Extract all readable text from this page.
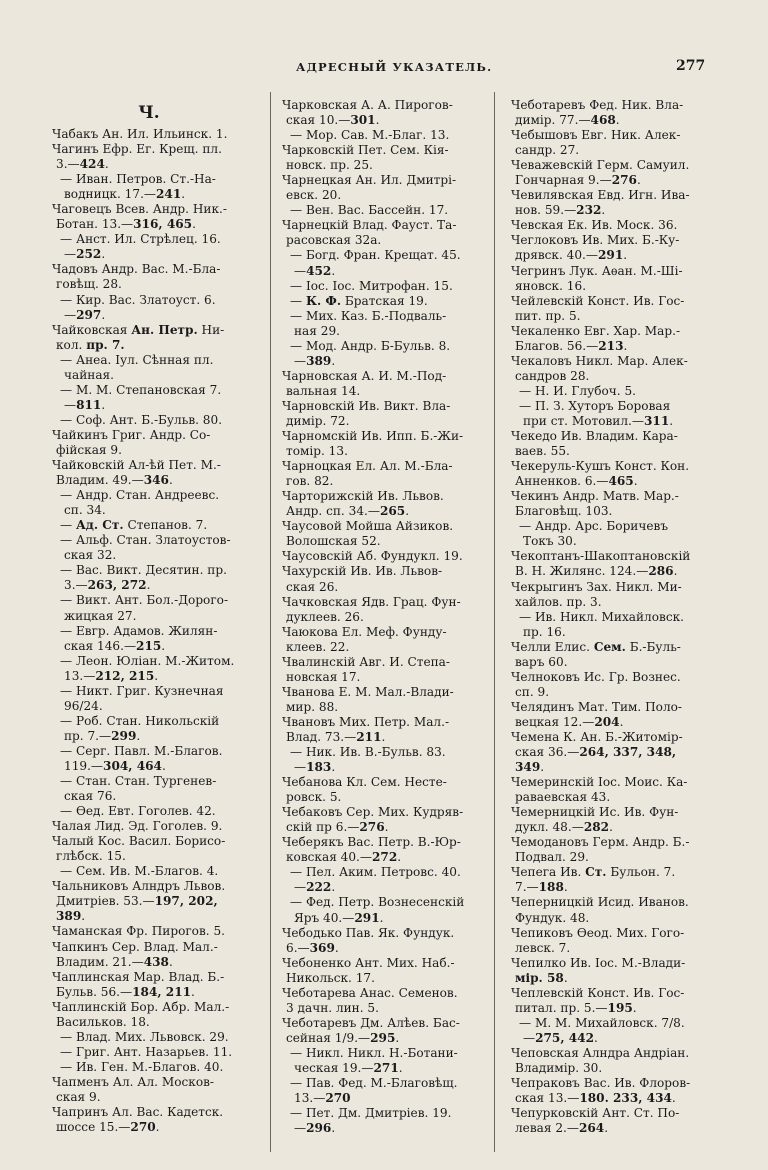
АДРЕСНЫЙ УКАЗАТЕЛЬ.	277
Ч.
Чабакъ Ан. Ил. Ильинск. 1.
Чагинъ Ефр. Ег. Крещ. пл.
3.—424.
— Иван. Петров. Ст.-На-
водницк. 17.—241.
Чаговецъ Всев. Андр. Ник.-
Ботан. 13.—316, 465.
— Анст. Ил. Стрѣлец. 16.
—252.
Чадовъ Андр. Вас. М.-Бла-
говѣщ. 28.
— Кир. Вас. Златоуст. 6.
—297.
Чайковская Ан. Петр. Ни-
кол. пр. 7.
— Анеа. Iул. Сѣнная пл.
чайная.
— М. М. Степановская 7.
—811.
— Соф. Ант. Б.-Бульв. 80.
Чайкинъ Григ. Андр. Со-
фійская 9.
Чайковскій Ал-ѣй Пет. М.-
Владим. 49.—346.
— Андр. Стан. Андреевс.
сп. 34.
— Ад. Ст. Степанов. 7.
— Альф. Стан. Златоустов-
ская 32.
— Вас. Викт. Десятин. пр.
3.—263, 272.
— Викт. Ант. Бол.-Дорого-
жицкая 27.
— Евгр. Адамов. Жилян-
ская 146.—215.
— Леон. Юліан. М.-Житом.
13.—212, 215.
— Никт. Григ. Кузнечная
96/24.
— Роб. Стан. Никольскій
пр. 7.—299.
— Серг. Павл. М.-Благов.
119.—304, 464.
— Стан. Стан. Тургенев-
ская 76.
— Ѳед. Евт. Гоголев. 42.
Чалая Лид. Эд. Гоголев. 9.
Чалый Кос. Васил. Борисо-
глѣбск. 15.
— Сем. Ив. М.-Благов. 4.
Чальниковъ Алндръ Львов.
Дмитріев. 53.—197, 202,
389.
Чаманская Фр. Пирогов. 5.
Чапкинъ Сер. Влад. Мал.-
Владим. 21.—438.
Чаплинская Мар. Влад. Б.-
Бульв. 56.—184, 211.
Чаплинскій Бор. Абр. Мал.-
Васильков. 18.
— Влад. Мих. Львовск. 29.
— Григ. Ант. Назарьев. 11.
— Ив. Ген. М.-Благов. 40.
Чапменъ Ал. Ал. Москов-
ская 9.
Чапринъ Ал. Вас. Кадетск.
шоссе 15.—270.
Чарковская А. А. Пирогов-
ская 10.—301.
— Мор. Сав. М.-Благ. 13.
Чарковскій Пет. Сем. Кiя-
новск. пр. 25.
Чарнецкая Ан. Ил. Дмитрі-
евск. 20.
— Вен. Вас. Бассейн. 17.
Чарнецкій Влад. Фауст. Та-
расовская 32а.
— Богд. Фран. Крещат. 45.
—452.
— Iос. Iос. Митрофан. 15.
— К. Ф. Братская 19.
— Мих. Каз. Б.-Подваль-
ная 29.
— Мод. Андр. Б-Бульв. 8.
—389.
Чарновская А. И. М.-Под-
вальная 14.
Чарновскій Ив. Викт. Вла-
димір. 72.
Чарномскій Ив. Ипп. Б.-Жи-
томір. 13.
Чарноцкая Ел. Ал. М.-Бла-
гов. 82.
Чарторижскій Ив. Львов.
Андр. сп. 34.—265.
Чаусовой Мойша Айзиков.
Волошская 52.
Чаусовскій Аб. Фундукл. 19.
Чахурскій Ив. Ив. Львов-
ская 26.
Чачковская Ядв. Грац. Фун-
дуклеев. 26.
Чаюкова Ел. Меф. Фунду-
клеев. 22.
Чвалинскій Авг. И. Степа-
новская 17.
Чванова Е. М. Мал.-Влади-
мир. 88.
Чвановъ Мих. Петр. Мал.-
Влад. 73.—211.
— Ник. Ив. В.-Бульв. 83.
—183.
Чебанова Кл. Сем. Несте-
ровск. 5.
Чебаковъ Сер. Мих. Кудряв-
скій пр 6.—276.
Чеберякъ Вас. Петр. В.-Юр-
ковская 40.—272.
— Пел. Аким. Петровс. 40.
—222.
— Фед. Петр. Вознесенскій
Яръ 40.—291.
Чебодько Пав. Як. Фундук.
6.—369.
Чебоненко Ант. Мих. Наб.-
Никольск. 17.
Чеботарева Анас. Семенов.
3 дачн. лин. 5.
Чеботаревъ Дм. Алѣев. Бас-
сейная 1/9.—295.
— Никл. Никл. Н.-Ботани-
ческая 19.—271.
— Пав. Фед. М.-Благовѣщ.
13.—270
— Пет. Дм. Дмитріев. 19.
—296.
Чеботаревъ Фед. Ник. Вла-
димір. 77.—468.
Чебышовъ Евг. Ник. Алек-
сандр. 27.
Чеважевскій Герм. Самуил.
Гончарная 9.—276.
Чевилявская Евд. Игн. Ива-
нов. 59.—232.
Чевская Ек. Ив. Моск. 36.
Чеглоковъ Ив. Мих. Б.-Ку-
дрявск. 40.—291.
Чегринъ Лук. Аѳан. М.-Шi-
яновск. 16.
Чейлевскій Конст. Ив. Гос-
пит. пр. 5.
Чекаленко Евг. Хар. Мар.-
Благов. 56.—213.
Чекаловъ Никл. Мар. Алек-
сандров 28.
— Н. И. Глубоч. 5.
— П. З. Хуторъ Боровая
при ст. Мотовил.—311.
Чекедо Ив. Владим. Кара-
ваев. 55.
Чекеруль-Кушъ Конст. Кон.
Анненков. 6.—465.
Чекинъ Андр. Матв. Мар.-
Благовѣщ. 103.
— Андр. Арс. Боричевъ
Токъ 30.
Чекоптанъ-Шакоптановскій
В. Н. Жилянс. 124.—286.
Чекрыгинъ Зах. Никл. Ми-
хайлов. пр. 3.
— Ив. Никл. Михайловск.
пр. 16.
Челли Елис. Сем. Б.-Буль-
варъ 60.
Челноковъ Ис. Гр. Вознес.
сп. 9.
Челядинъ Мат. Тим. Поло-
вецкая 12.—204.
Чемена К. Ан. Б.-Житомiр-
ская 36.—264, 337, 348,
349.
Чемеринскій Iос. Моис. Ка-
раваевская 43.
Чемерницкій Ис. Ив. Фун-
дукл. 48.—282.
Чемодановъ Герм. Андр. Б.-
Подвал. 29.
Чепега Ив. Ст. Бульон. 7.
7.—188.
Чеперницкій Исид. Иванов.
Фундук. 48.
Чепиковъ Ѳеод. Мих. Гого-
левск. 7.
Чепилко Ив. Iос. М.-Влади-
мір. 58.
Чеплевскій Конст. Ив. Гос-
питал. пр. 5.—195.
— М. М. Михайловск. 7/8.
—275, 442.
Чеповская Алндра Андріан.
Владимір. 30.
Чепраковъ Вас. Ив. Флоров-
ская 13.—180. 233, 434.
Чепурковскій Ант. Ст. По-
левая 2.—264.
